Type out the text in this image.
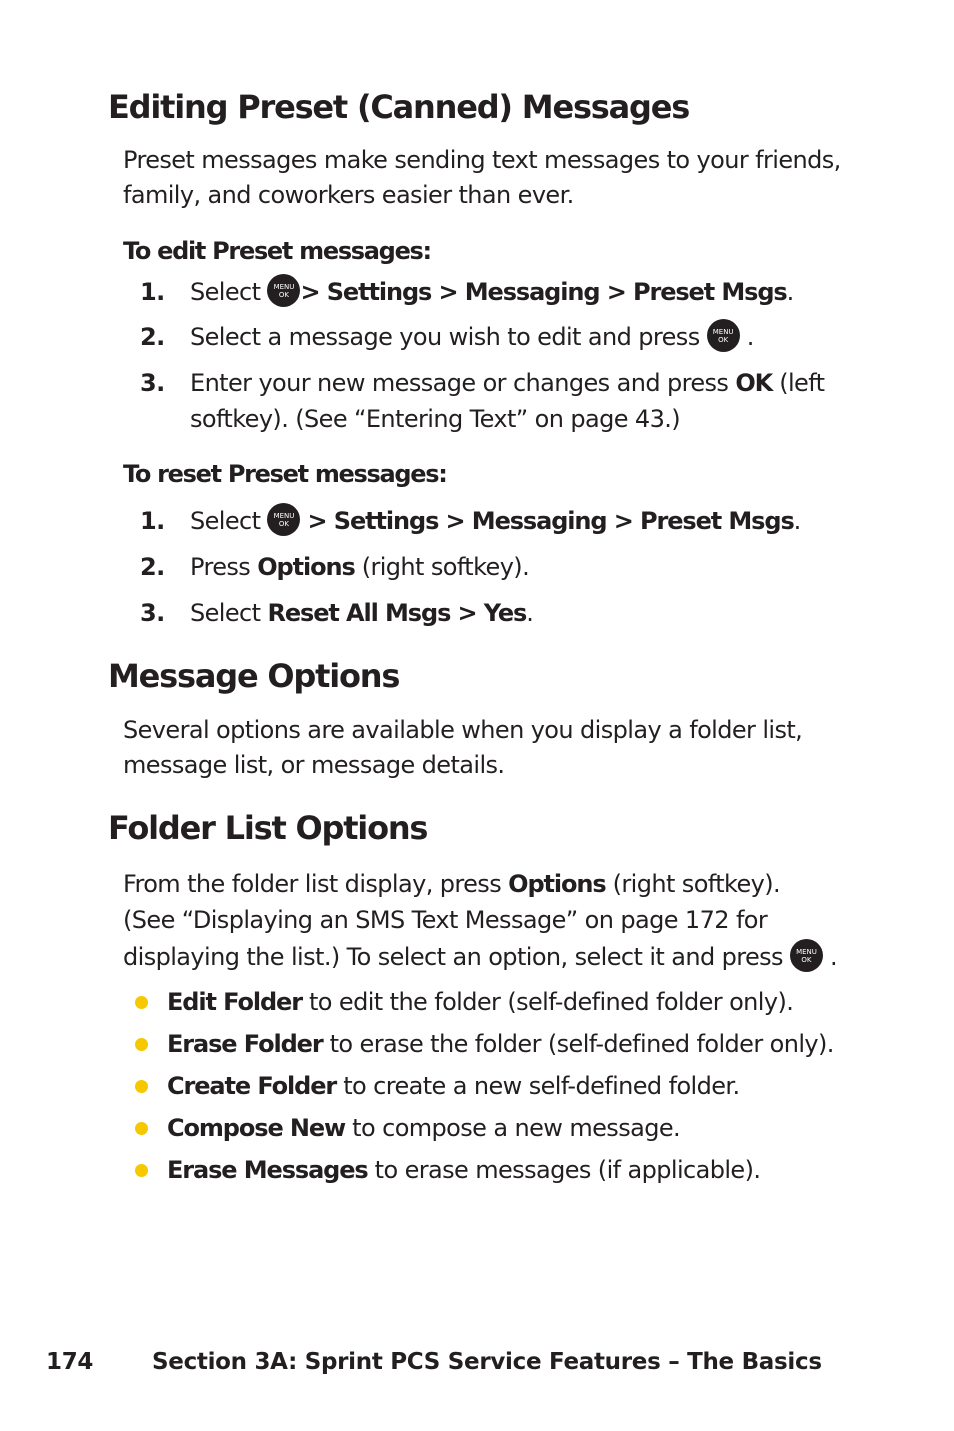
Editing Preset (Canned) Messages

Preset messages make sending text messages to your friends,

family, and coworkers easier than ever.

To edit Preset messages:

1. Select	MENU
OK > Settings > Messaging > Preset Msgs.
2. Select a message you wish to edit and press	MENU
OK .
3. Enter your new message or changes and press OK (left
softkey). (See “Entering Text” on page 43.)

To reset Preset messages:

1. Select	MENU
OK > Settings > Messaging > Preset Msgs.
2. Press Options (right softkey).
3. Select Reset All Msgs > Yes.
Message Options

Several options are available when you display a folder list,

message list, or message details.

Folder List Options

From the folder list display, press Options (right softkey).

(See “Displaying an SMS Text Message” on page 172 for

displaying the list.) To select an option, select it and press	MENU
OK .

Edit Folder to edit the folder (self-defined folder only).
Erase Folder to erase the folder (self-defined folder only).
Create Folder to create a new self-defined folder.
Compose New to compose a new message.
Erase Messages to erase messages (if applicable).
174	Section 3A: Sprint PCS Service Features – The Basics
